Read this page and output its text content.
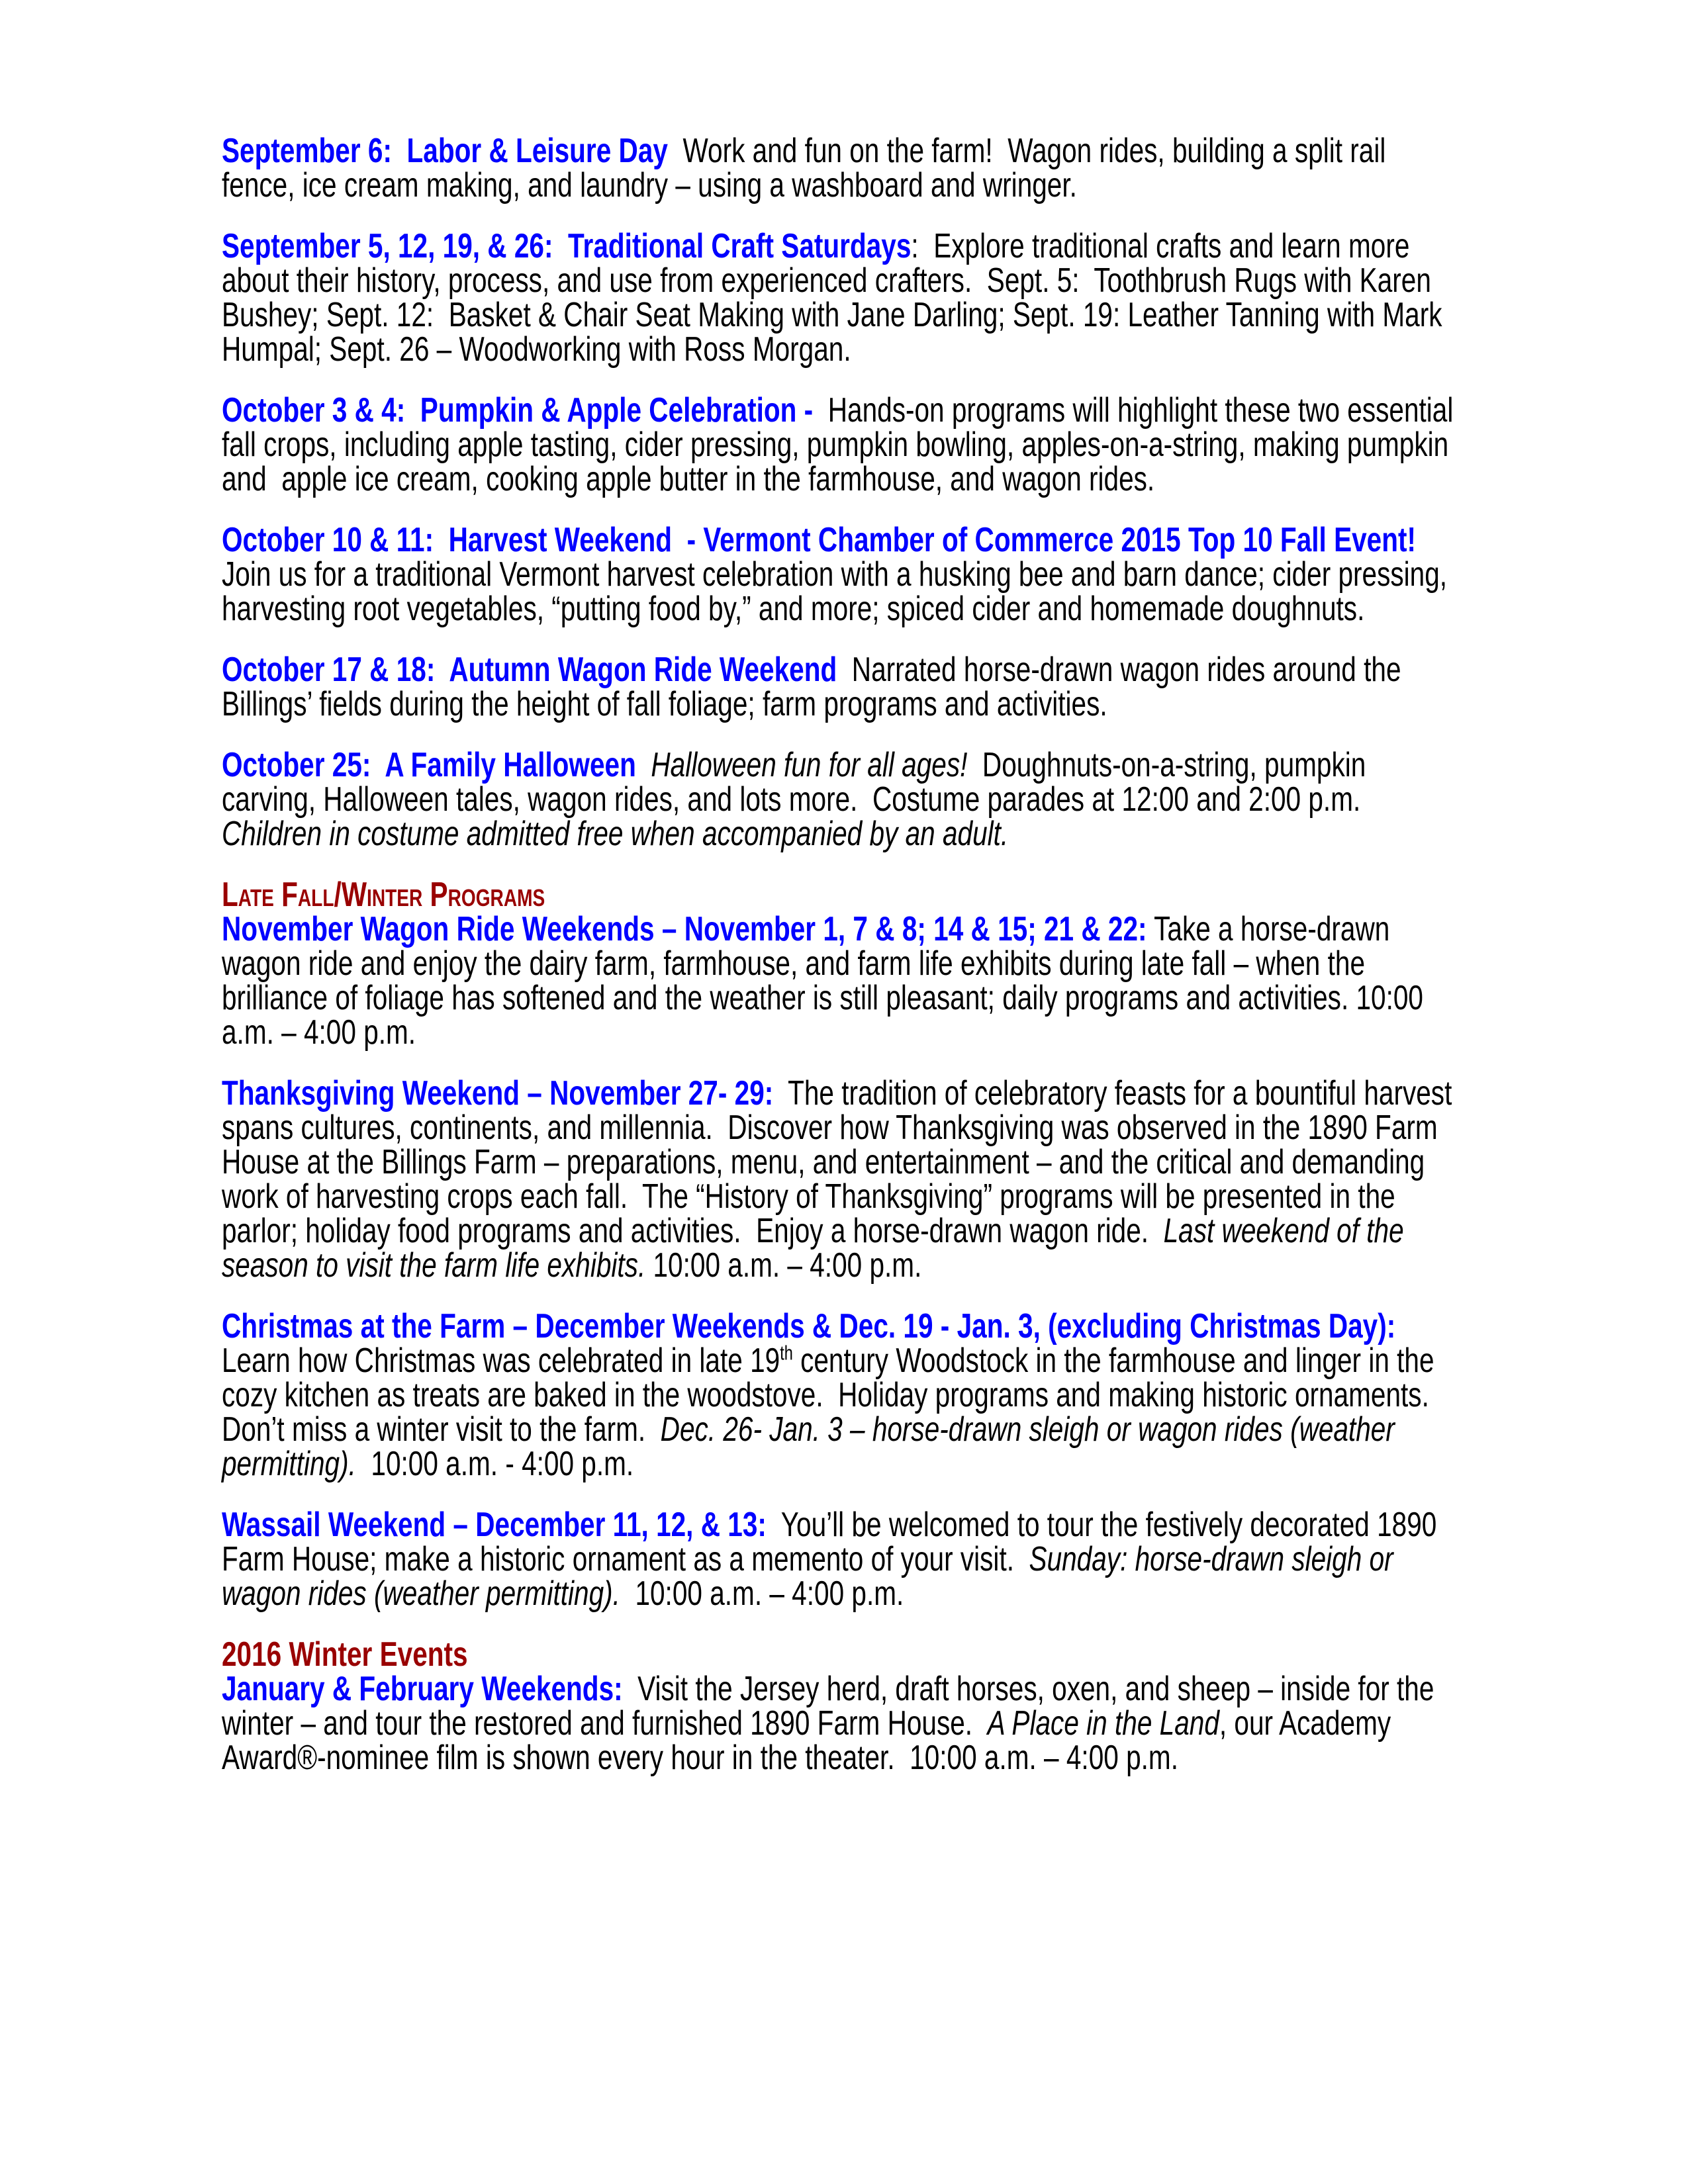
September 6:  Labor & Leisure Day  Work and fun on the farm!  Wagon rides, building a split rail fence, ice cream making, and laundry – using a washboard and wringer.

September 5, 12, 19, & 26:  Traditional Craft Saturdays:  Explore traditional crafts and learn more about their history, process, and use from experienced crafters.  Sept. 5:  Toothbrush Rugs with Karen Bushey; Sept. 12:  Basket & Chair Seat Making with Jane Darling; Sept. 19: Leather Tanning with Mark Humpal; Sept. 26 – Woodworking with Ross Morgan.

October 3 & 4:  Pumpkin & Apple Celebration -  Hands-on programs will highlight these two essential fall crops, including apple tasting, cider pressing, pumpkin bowling, apples-on-a-string, making pumpkin and  apple ice cream, cooking apple butter in the farmhouse, and wagon rides.

October 10 & 11:  Harvest Weekend  - Vermont Chamber of Commerce 2015 Top 10 Fall Event!  Join us for a traditional Vermont harvest celebration with a husking bee and barn dance; cider pressing, harvesting root vegetables, “putting food by,” and more; spiced cider and homemade doughnuts.

October 17 & 18:  Autumn Wagon Ride Weekend  Narrated horse-drawn wagon rides around the Billings’ fields during the height of fall foliage; farm programs and activities.

October 25:  A Family Halloween  Halloween fun for all ages!  Doughnuts-on-a-string, pumpkin carving, Halloween tales, wagon rides, and lots more.  Costume parades at 12:00 and 2:00 p.m. Children in costume admitted free when accompanied by an adult.

Late Fall/Winter Programs

November Wagon Ride Weekends – November 1, 7 & 8; 14 & 15; 21 & 22: Take a horse-drawn wagon ride and enjoy the dairy farm, farmhouse, and farm life exhibits during late fall – when the brilliance of foliage has softened and the weather is still pleasant; daily programs and activities. 10:00 a.m. – 4:00 p.m.

Thanksgiving Weekend – November 27- 29:  The tradition of celebratory feasts for a bountiful harvest spans cultures, continents, and millennia.  Discover how Thanksgiving was observed in the 1890 Farm House at the Billings Farm – preparations, menu, and entertainment – and the critical and demanding work of harvesting crops each fall.  The “History of Thanksgiving” programs will be presented in the parlor; holiday food programs and activities.  Enjoy a horse-drawn wagon ride.  Last weekend of the season to visit the farm life exhibits. 10:00 a.m. – 4:00 p.m.

Christmas at the Farm – December Weekends & Dec. 19 - Jan. 3, (excluding Christmas Day):  Learn how Christmas was celebrated in late 19th century Woodstock in the farmhouse and linger in the cozy kitchen as treats are baked in the woodstove.  Holiday programs and making historic ornaments.  Don’t miss a winter visit to the farm.  Dec. 26- Jan. 3 – horse-drawn sleigh or wagon rides (weather permitting).  10:00 a.m. - 4:00 p.m.

Wassail Weekend – December 11, 12, & 13:  You’ll be welcomed to tour the festively decorated 1890 Farm House; make a historic ornament as a memento of your visit.  Sunday: horse-drawn sleigh or wagon rides (weather permitting).  10:00 a.m. – 4:00 p.m.

2016 Winter Events

January & February Weekends:  Visit the Jersey herd, draft horses, oxen, and sheep – inside for the winter – and tour the restored and furnished 1890 Farm House.  A Place in the Land, our Academy Award®-nominee film is shown every hour in the theater.  10:00 a.m. – 4:00 p.m.
